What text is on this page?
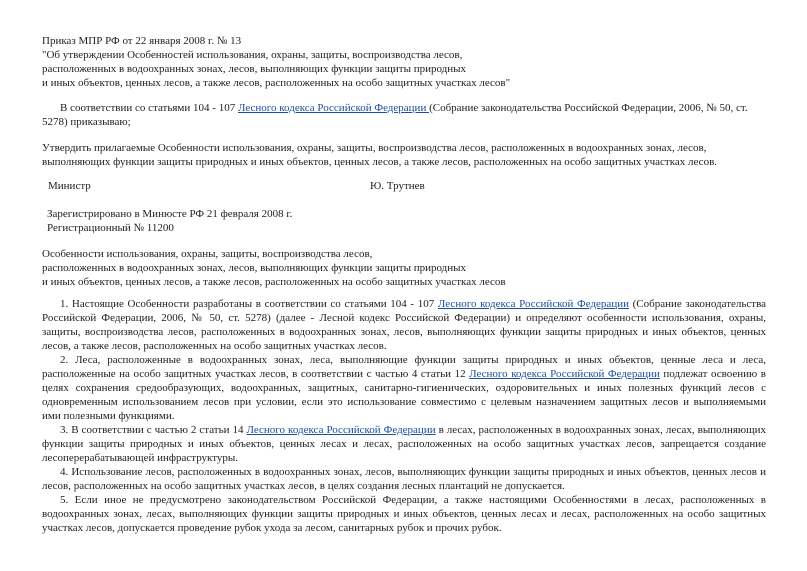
Приказ МПР РФ от 22 января 2008 г. № 13
"Об утверждении Особенностей использования, охраны, защиты, воспроизводства лесов,
расположенных в водоохранных зонах, лесов, выполняющих функции защиты природных
и иных объектов, ценных лесов, а также лесов, расположенных на особо защитных участках лесов"
В соответствии со статьями 104 - 107 Лесного кодекса Российской Федерации (Собрание законодательства Российской Федерации, 2006, № 50, ст.
5278) приказываю;
Утвердить прилагаемые Особенности использования, охраны, защиты, воспроизводства лесов, расположенных в водоохранных зонах, лесов,
выполняющих функции защиты природных и иных объектов, ценных лесов, а также лесов, расположенных на особо защитных участках лесов.
Министр	Ю. Трутнев
Зарегистрировано в Минюсте РФ 21 февраля 2008 г.
Регистрационный № 11200
Особенности использования, охраны, защиты, воспроизводства лесов,
расположенных в водоохранных зонах, лесов, выполняющих функции защиты природных
и иных объектов, ценных лесов, а также лесов, расположенных на особо защитных участках лесов
1. Настоящие Особенности разработаны в соответствии со статьями 104 - 107 Лесного кодекса Российской Федерации (Собрание законодательства
Российской Федерации, 2006, № 50, ст. 5278) (далее - Лесной кодекс Российской Федерации) и определяют особенности использования, охраны,
защиты, воспроизводства лесов, расположенных в водоохранных зонах, лесов, выполняющих функции защиты природных и иных объектов, ценных
лесов, а также лесов, расположенных на особо защитных участках лесов.
2. Леса, расположенные в водоохранных зонах, леса, выполняющие функции защиты природных и иных объектов, ценные леса и леса,
расположенные на особо защитных участках лесов, в соответствии с частью 4 статьи 12 Лесного кодекса Российской Федерации подлежат освоению в
целях сохранения средообразующих, водоохранных, защитных, санитарно-гигиенических, оздоровительных и иных полезных функций лесов с
одновременным использованием лесов при условии, если это использование совместимо с целевым назначением защитных лесов и выполняемыми
ими полезными функциями.
3. В соответствии с частью 2 статьи 14 Лесного кодекса Российской Федерации в лесах, расположенных в водоохранных зонах, лесах, выполняющих
функции защиты природных и иных объектов, ценных лесах и лесах, расположенных на особо защитных участках лесов, запрещается создание
лесоперерабатывающей инфраструктуры.
4. Использование лесов, расположенных в водоохранных зонах, лесов, выполняющих функции защиты природных и иных объектов, ценных лесов и
лесов, расположенных на особо защитных участках лесов, в целях создания лесных плантаций не допускается.
5. Если иное не предусмотрено законодательством Российской Федерации, а также настоящими Особенностями в лесах, расположенных в
водоохранных зонах, лесах, выполняющих функции защиты природных и иных объектов, ценных лесах и лесах, расположенных на особо защитных
участках лесов, допускается проведение рубок ухода за лесом, санитарных рубок и прочих рубок.
